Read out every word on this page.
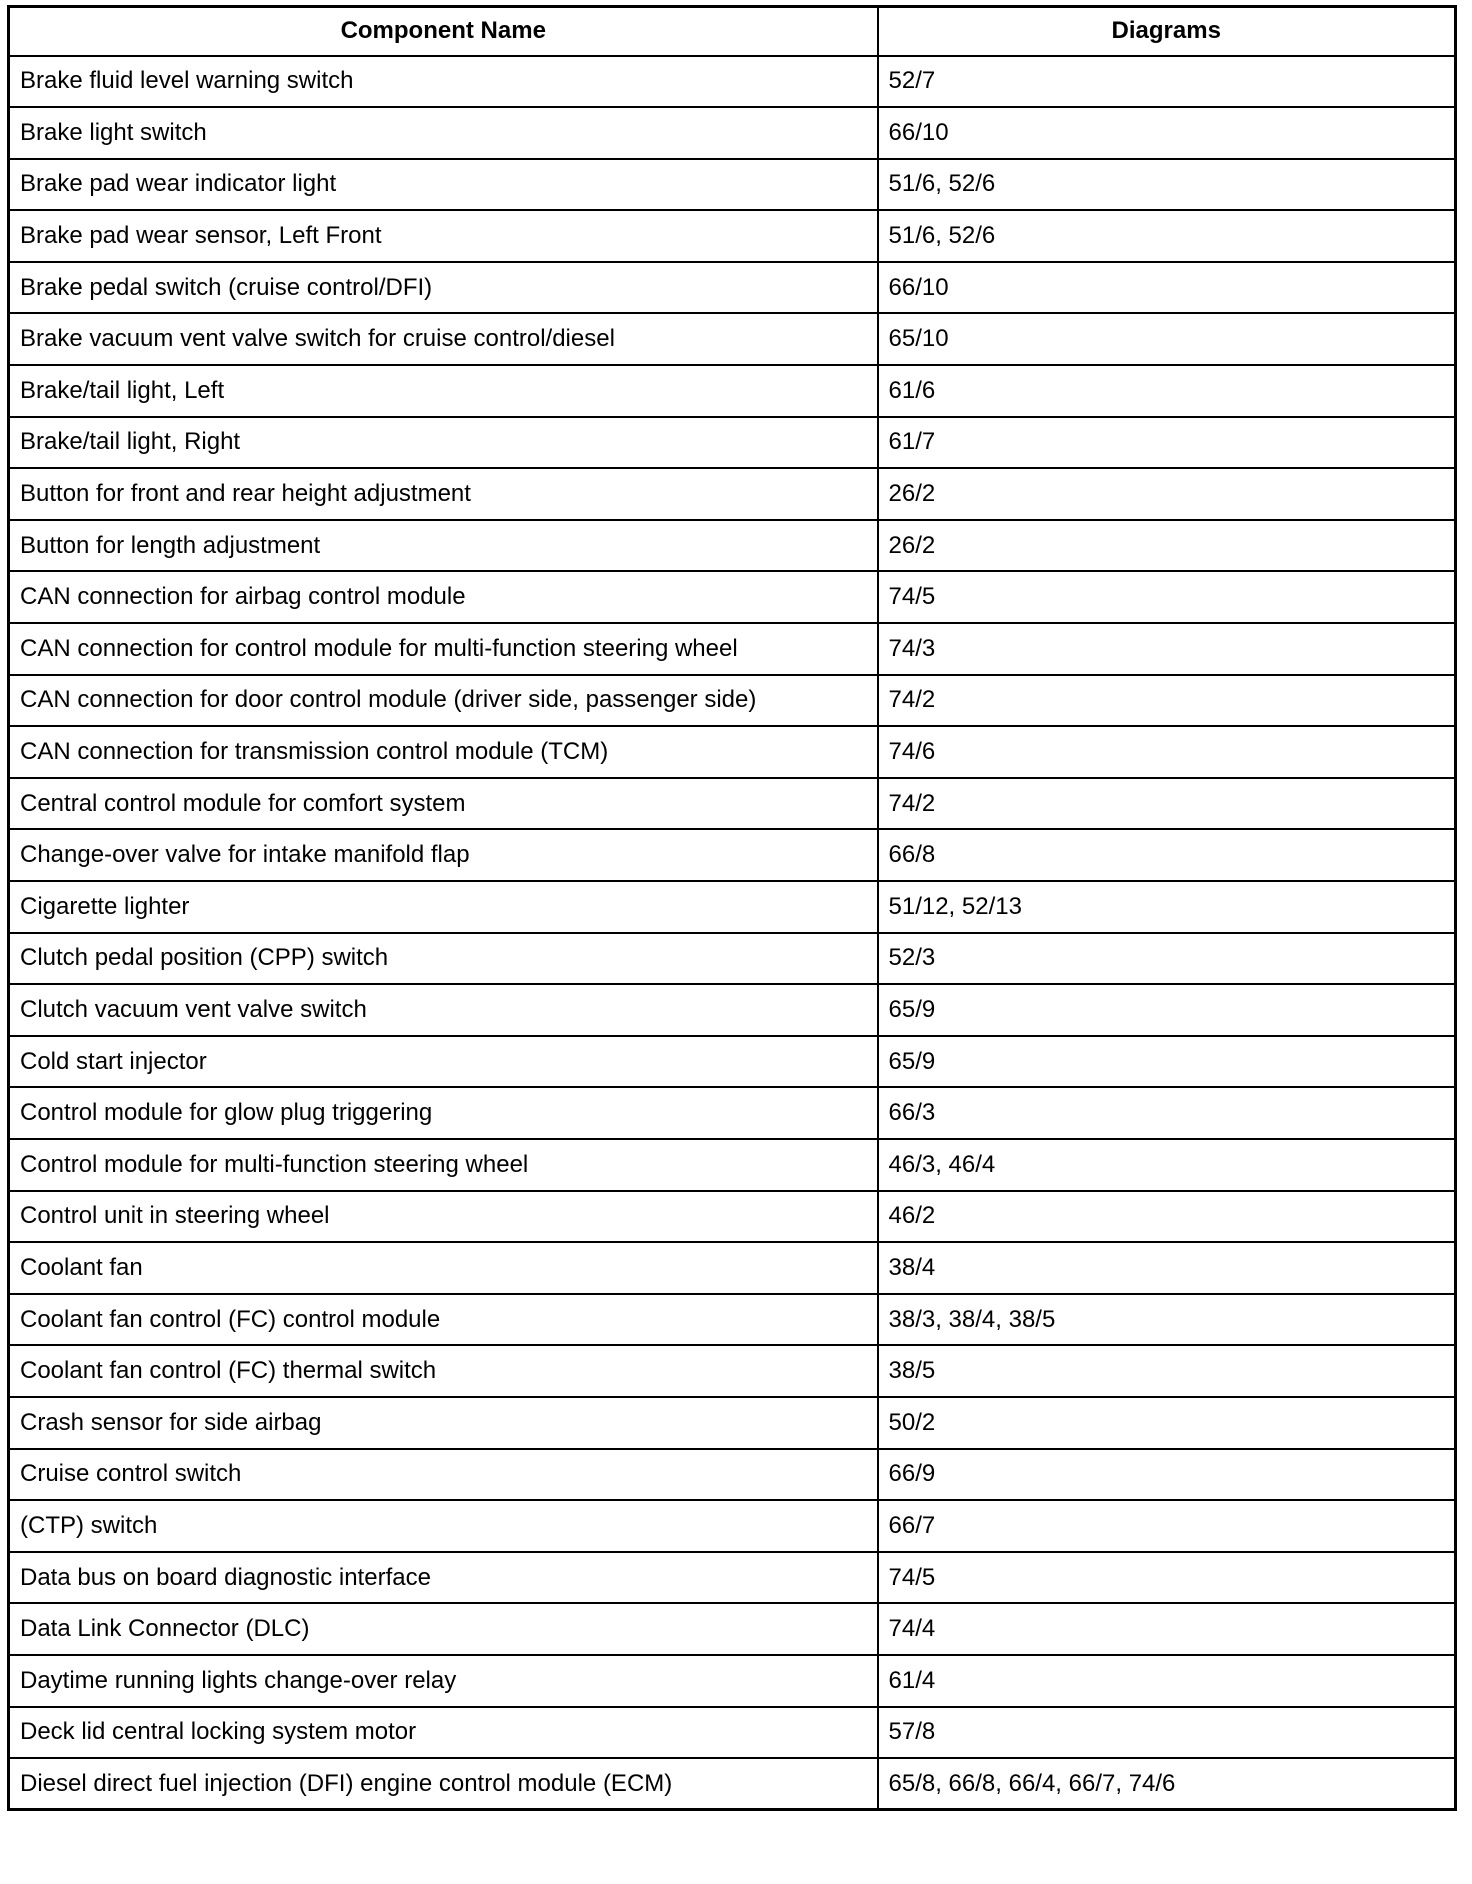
Component Name	Diagrams
Brake fluid level warning switch	52/7
Brake light switch	66/10
Brake pad wear indicator light	51/6, 52/6
Brake pad wear sensor, Left Front	51/6, 52/6
Brake pedal switch (cruise control/DFI)	66/10
Brake vacuum vent valve switch for cruise control/diesel	65/10
Brake/tail light, Left	61/6
Brake/tail light, Right	61/7
Button for front and rear height adjustment	26/2
Button for length adjustment	26/2
CAN connection for airbag control module	74/5
CAN connection for control module for multi-function steering wheel	74/3
CAN connection for door control module (driver side, passenger side)	74/2
CAN connection for transmission control module (TCM)	74/6
Central control module for comfort system	74/2
Change-over valve for intake manifold flap	66/8
Cigarette lighter	51/12, 52/13
Clutch pedal position (CPP) switch	52/3
Clutch vacuum vent valve switch	65/9
Cold start injector	65/9
Control module for glow plug triggering	66/3
Control module for multi-function steering wheel	46/3, 46/4
Control unit in steering wheel	46/2
Coolant fan	38/4
Coolant fan control (FC) control module	38/3, 38/4, 38/5
Coolant fan control (FC) thermal switch	38/5
Crash sensor for side airbag	50/2
Cruise control switch	66/9
(CTP) switch	66/7
Data bus on board diagnostic interface	74/5
Data Link Connector (DLC)	74/4
Daytime running lights change-over relay	61/4
Deck lid central locking system motor	57/8
Diesel direct fuel injection (DFI) engine control module (ECM)	65/8, 66/8, 66/4, 66/7, 74/6
